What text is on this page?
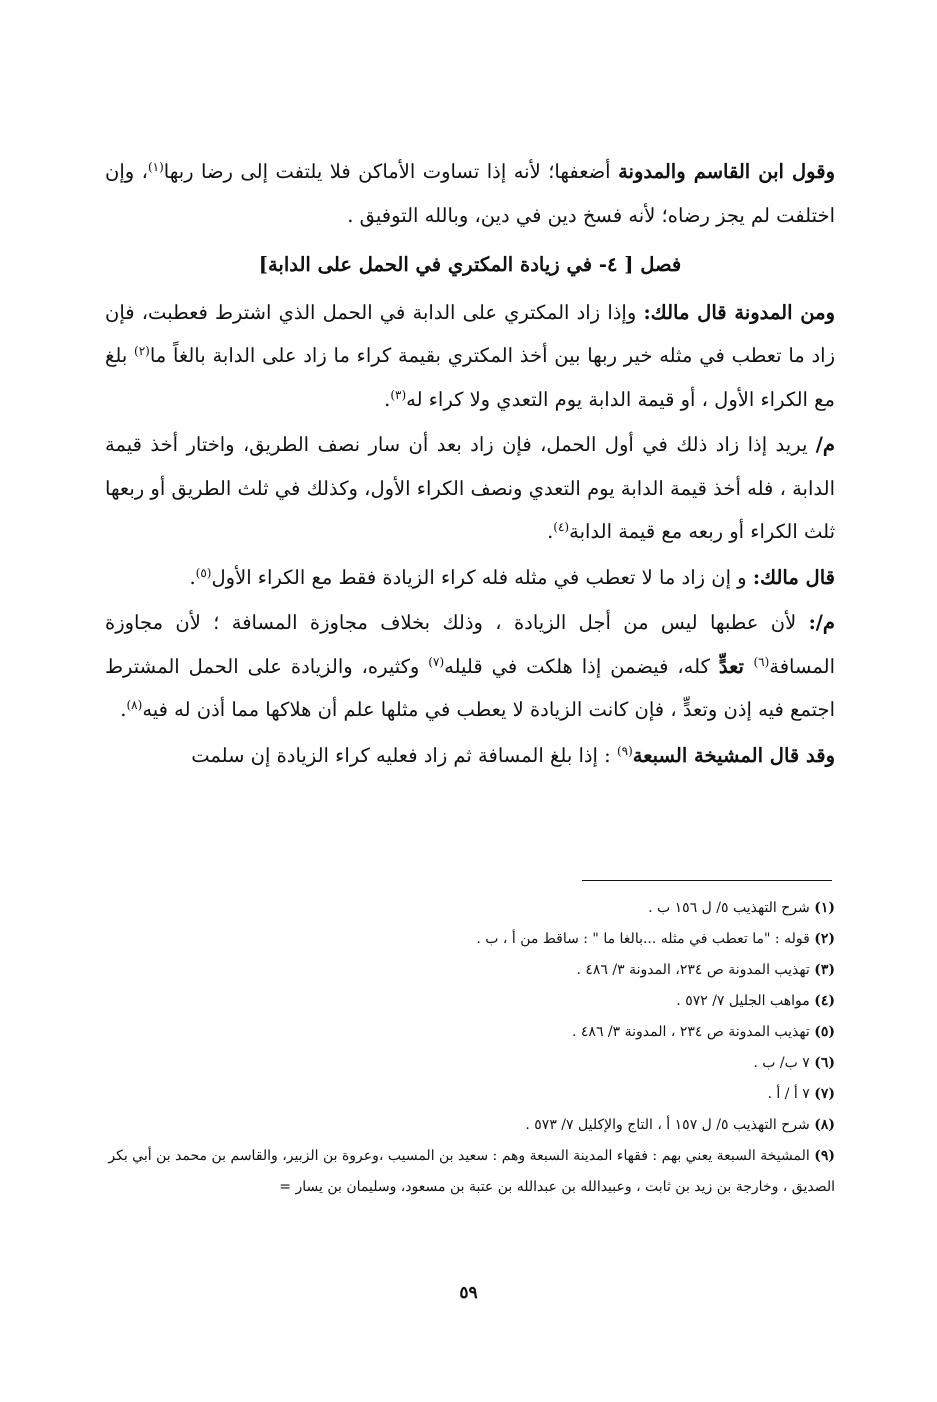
وقول ابن القاسم والمدونة أضعفها؛ لأنه إذا تساوت الأماكن فلا يلتفت إلى رضا ربها$^{(١)}$، وإن اختلفت لم يجز رضاه؛ لأنه فسخ دين في دين، وبالله التوفيق .

فصل [ ٤- في زيادة المكتري في الحمل على الدابة]

ومن المدونة قال مالك: وإذا زاد المكتري على الدابة في الحمل الذي اشترط فعطبت، فإن زاد ما تعطب في مثله خير ربها بين أخذ المكتري بقيمة كراء ما زاد على الدابة بالغاً ما$^{(٢)}$ بلغ مع الكراء الأول ، أو قيمة الدابة يوم التعدي ولا كراء له$^{(٣)}$.

م/ يريد إذا زاد ذلك في أول الحمل، فإن زاد بعد أن سار نصف الطريق، واختار أخذ قيمة الدابة ، فله أخذ قيمة الدابة يوم التعدي ونصف الكراء الأول، وكذلك في ثلث الطريق أو ربعها ثلث الكراء أو ربعه مع قيمة الدابة$^{(٤)}$.

قال مالك: و إن زاد ما لا تعطب في مثله فله كراء الزيادة فقط مع الكراء الأول$^{(٥)}$.

م/: لأن عطبها ليس من أجل الزيادة ، وذلك بخلاف مجاوزة المسافة ؛ لأن مجاوزة المسافة$^{(٦)}$ تعدٍّ كله، فيضمن إذا هلكت في قليله$^{(٧)}$ وكثيره، والزيادة على الحمل المشترط اجتمع فيه إذن وتعدٍّ ، فإن كانت الزيادة لا يعطب في مثلها علم أن هلاكها مما أذن له فيه$^{(٨)}$.

وقد قال المشيخة السبعة$^{(٩)}$ : إذا بلغ المسافة ثم زاد فعليه كراء الزيادة إن سلمت

(١) شرح التهذيب ٥/ ل ١٥٦ ب .

(٢) قوله : "ما تعطب في مثله ...بالغا ما " : ساقط من أ ، ب .

(٣) تهذيب المدونة ص ٢٣٤، المدونة ٣/ ٤٨٦ .

(٤) مواهب الجليل ٧/ ٥٧٢ .

(٥) تهذيب المدونة ص ٢٣٤ ، المدونة ٣/ ٤٨٦ .

(٦) ٧ ب/ ب .

(٧) ٧ أ / أ .

(٨) شرح التهذيب ٥/ ل ١٥٧ أ ، التاج والإكليل ٧/ ٥٧٣ .

(٩) المشيخة السبعة يعني بهم : فقهاء المدينة السبعة وهم : سعيد بن المسيب ،وعروة بن الزبير، والقاسم بن محمد بن أبي بكر الصديق ، وخارجة بن زيد بن ثابت ، وعبيدالله بن عبدالله بن عتبة بن مسعود، وسليمان بن يسار =

٥٩
